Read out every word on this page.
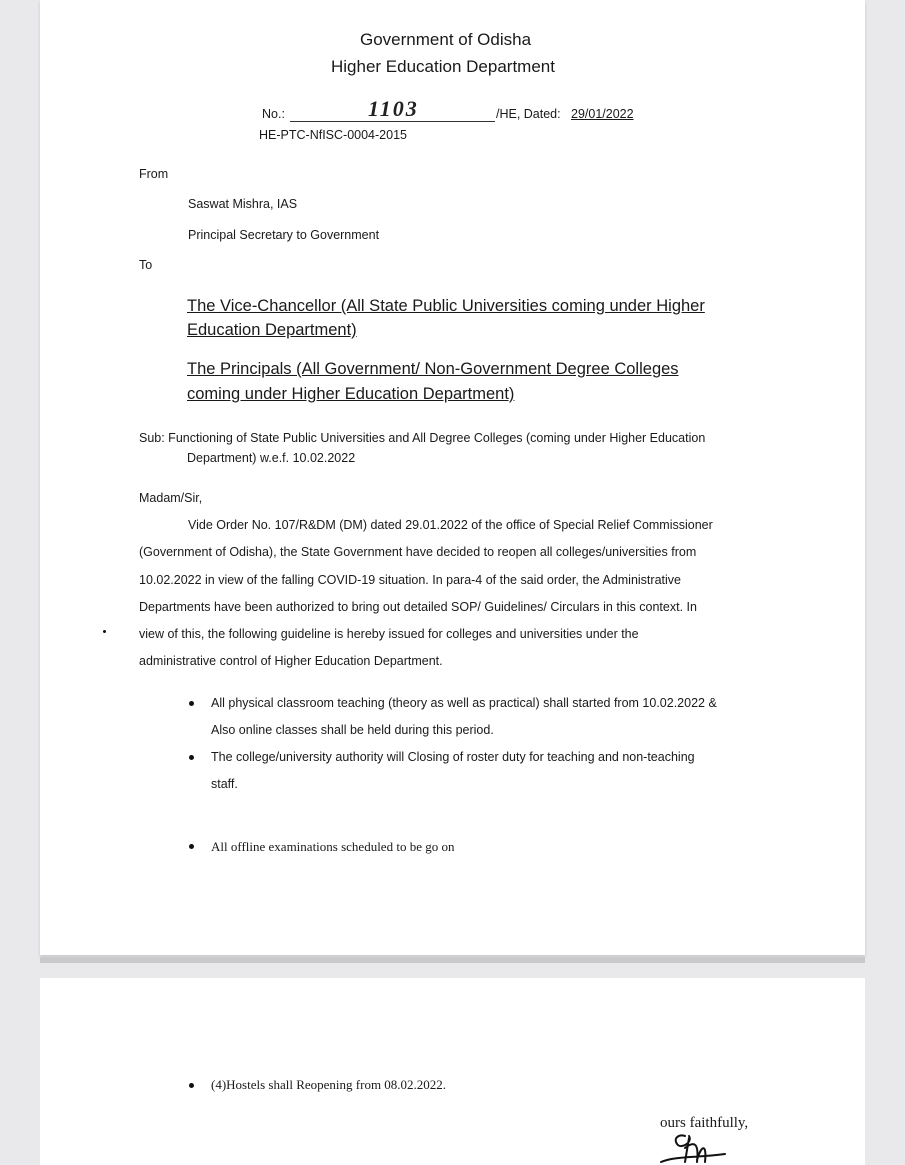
Government of Odisha
Higher Education Department
No.:	1103	/HE, Dated: 29/01/2022
HE-PTC-NfISC-0004-2015
From
Saswat Mishra, IAS
Principal Secretary to Government
To
The Vice-Chancellor (All State Public Universities coming under Higher
Education Department)
The Principals (All Government/ Non-Government Degree Colleges
coming under Higher Education Department)
Sub: Functioning of State Public Universities and All Degree Colleges (coming under Higher Education
Department) w.e.f. 10.02.2022
Madam/Sir,
Vide Order No. 107/R&DM (DM) dated 29.01.2022 of the office of Special Relief Commissioner
(Government of Odisha), the State Government have decided to reopen all colleges/universities from
10.02.2022 in view of the falling COVID-19 situation. In para-4 of the said order, the Administrative
Departments have been authorized to bring out detailed SOP/ Guidelines/ Circulars in this context. In
view of this, the following guideline is hereby issued for colleges and universities under the
administrative control of Higher Education Department.
All physical classroom teaching (theory as well as practical) shall started from 10.02.2022 &
Also online classes shall be held during this period.
The college/university authority will Closing of roster duty for teaching and non-teaching
staff.
All offline examinations scheduled to be go on
(4)Hostels shall Reopening from 08.02.2022.
ours faithfully,
